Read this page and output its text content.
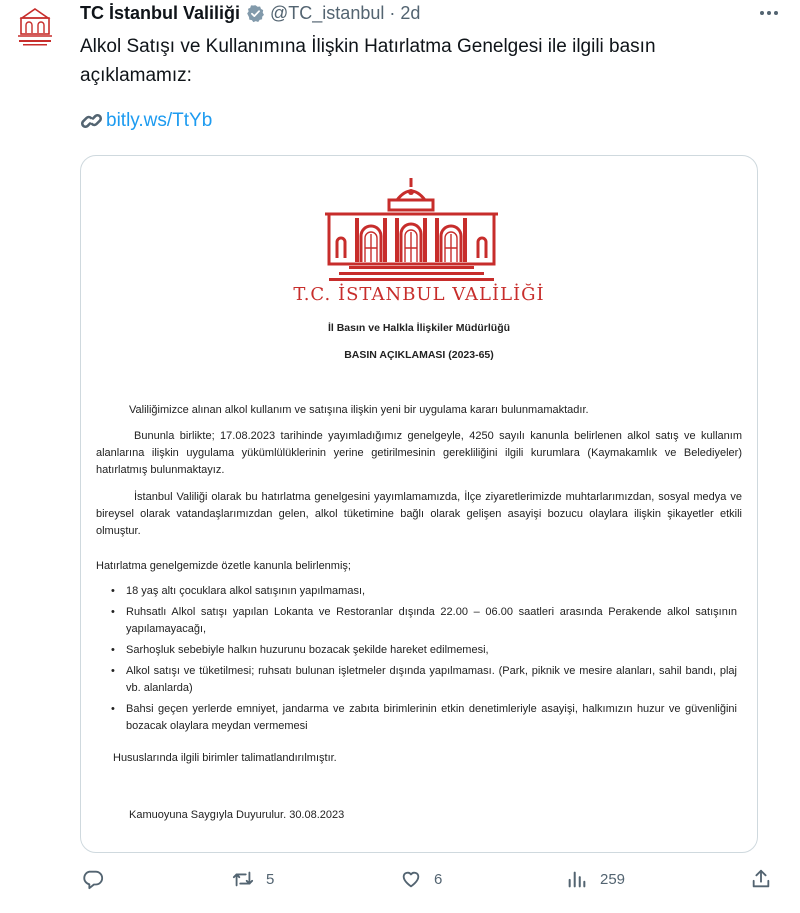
TC İstanbul Valiliği @TC_istanbul · 2d
Alkol Satışı ve Kullanımına İlişkin Hatırlatma Genelgesi ile ilgili basın açıklamamız:
bitly.ws/TtYb
T.C. İSTANBUL VALİLİĞİ
İl Basın ve Halkla İlişkiler Müdürlüğü
BASIN AÇIKLAMASI (2023-65)
Valiliğimizce alınan alkol kullanım ve satışına ilişkin yeni bir uygulama kararı bulunmamaktadır.
Bununla birlikte; 17.08.2023 tarihinde yayımladığımız genelgeyle, 4250 sayılı kanunla belirlenen alkol satış ve kullanım alanlarına ilişkin uygulama yükümlülüklerinin yerine getirilmesinin gerekliliğini ilgili kurumlara (Kaymakamlık ve Belediyeler) hatırlatmış bulunmaktayız.
İstanbul Valiliği olarak bu hatırlatma genelgesini yayımlamamızda, İlçe ziyaretlerimizde muhtarlarımızdan, sosyal medya ve bireysel olarak vatandaşlarımızdan gelen, alkol tüketimine bağlı olarak gelişen asayişi bozucu olaylara ilişkin şikayetler etkili olmuştur.
Hatırlatma genelgemizde özetle kanunla belirlenmiş;
• 18 yaş altı çocuklara alkol satışının yapılmaması,
• Ruhsatlı Alkol satışı yapılan Lokanta ve Restoranlar dışında 22.00 – 06.00 saatleri arasında Perakende alkol satışının yapılamayacağı,
• Sarhoşluk sebebiyle halkın huzurunu bozacak şekilde hareket edilmemesi,
• Alkol satışı ve tüketilmesi; ruhsatı bulunan işletmeler dışında yapılmaması. (Park, piknik ve mesire alanları, sahil bandı, plaj vb. alanlarda)
• Bahsi geçen yerlerde emniyet, jandarma ve zabıta birimlerinin etkin denetimleriyle asayişi, halkımızın huzur ve güvenliğini bozacak olaylara meydan vermemesi
Hususlarında ilgili birimler talimatlandırılmıştır.
Kamuoyuna Saygıyla Duyurulur. 30.08.2023
5	6	259
